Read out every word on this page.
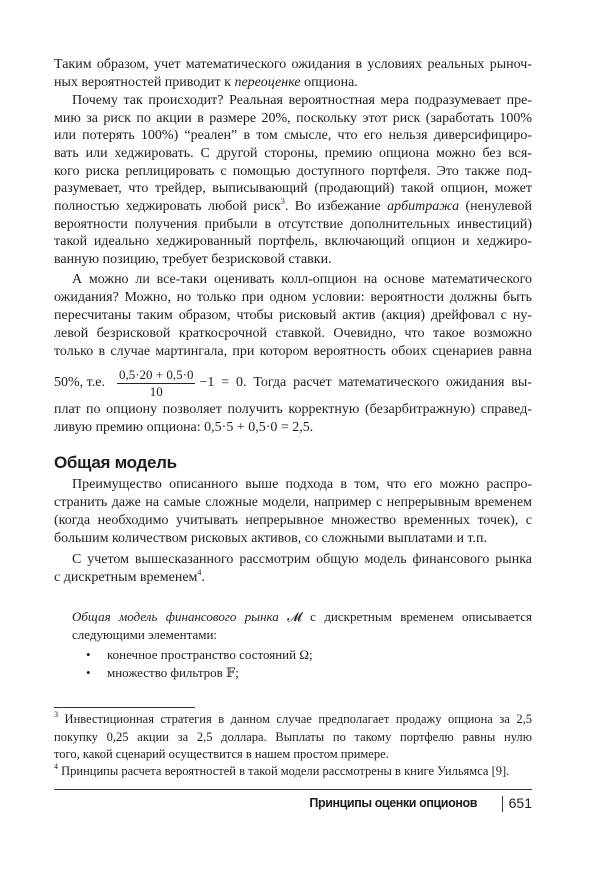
Таким образом, учет математического ожидания в условиях реальных рыноч-
ных вероятностей приводит к переоценке опциона.
Почему так происходит? Реальная вероятностная мера подразумевает пре-
мию за риск по акции в размере 20%, поскольку этот риск (заработать 100%
или потерять 100%) “реален” в том смысле, что его нельзя диверсифициро-
вать или хеджировать. С другой стороны, премию опциона можно без вся-
кого риска реплицировать с помощью доступного портфеля. Это также под-
разумевает, что трейдер, выписывающий (продающий) такой опцион, может
полностью хеджировать любой риск$^3$. Во избежание арбитража (ненулевой
вероятности получения прибыли в отсутствие дополнительных инвестиций)
такой идеально хеджированный портфель, включающий опцион и хеджиро-
ванную позицию, требует безрисковой ставки.
А можно ли все-таки оценивать колл-опцион на основе математического
ожидания? Можно, но только при одном условии: вероятности должны быть
пересчитаны таким образом, чтобы рисковый актив (акция) дрейфовал с ну-
левой безрисковой краткосрочной ставкой. Очевидно, что такое возможно
только в случае мартингала, при котором вероятность обоих сценариев равна
50%, т.е. $\frac{0,5\cdot 20 + 0,5\cdot 0}{10} -1 = 0$. Тогда расчет математического ожидания вы-
плат по опциону позволяет получить корректную (безарбитражную) справед-
ливую премию опциона: 0,5·5 + 0,5·0 = 2,5.
Общая модель
Преимущество описанного выше подхода в том, что его можно распро-
странить даже на самые сложные модели, например с непрерывным временем
(когда необходимо учитывать непрерывное множество временных точек), с
большим количеством рисковых активов, со сложными выплатами и т.п.
С учетом вышесказанного рассмотрим общую модель финансового рынка
с дискретным временем$^4$.
Общая модель финансового рынка 𝓜 с дискретным временем описывается
следующими элементами:
• конечное пространство состояний Ω;
• множество фильтров 𝔽;
$^3$ Инвестиционная стратегия в данном случае предполагает продажу опциона за 2,5
покупку 0,25 акции за 2,5 доллара. Выплаты по такому портфелю равны нулю
того, какой сценарий осуществится в нашем простом примере.
$^4$ Принципы расчета вероятностей в такой модели рассмотрены в книге Уильямса [9].
Принципы оценки опционов 651
